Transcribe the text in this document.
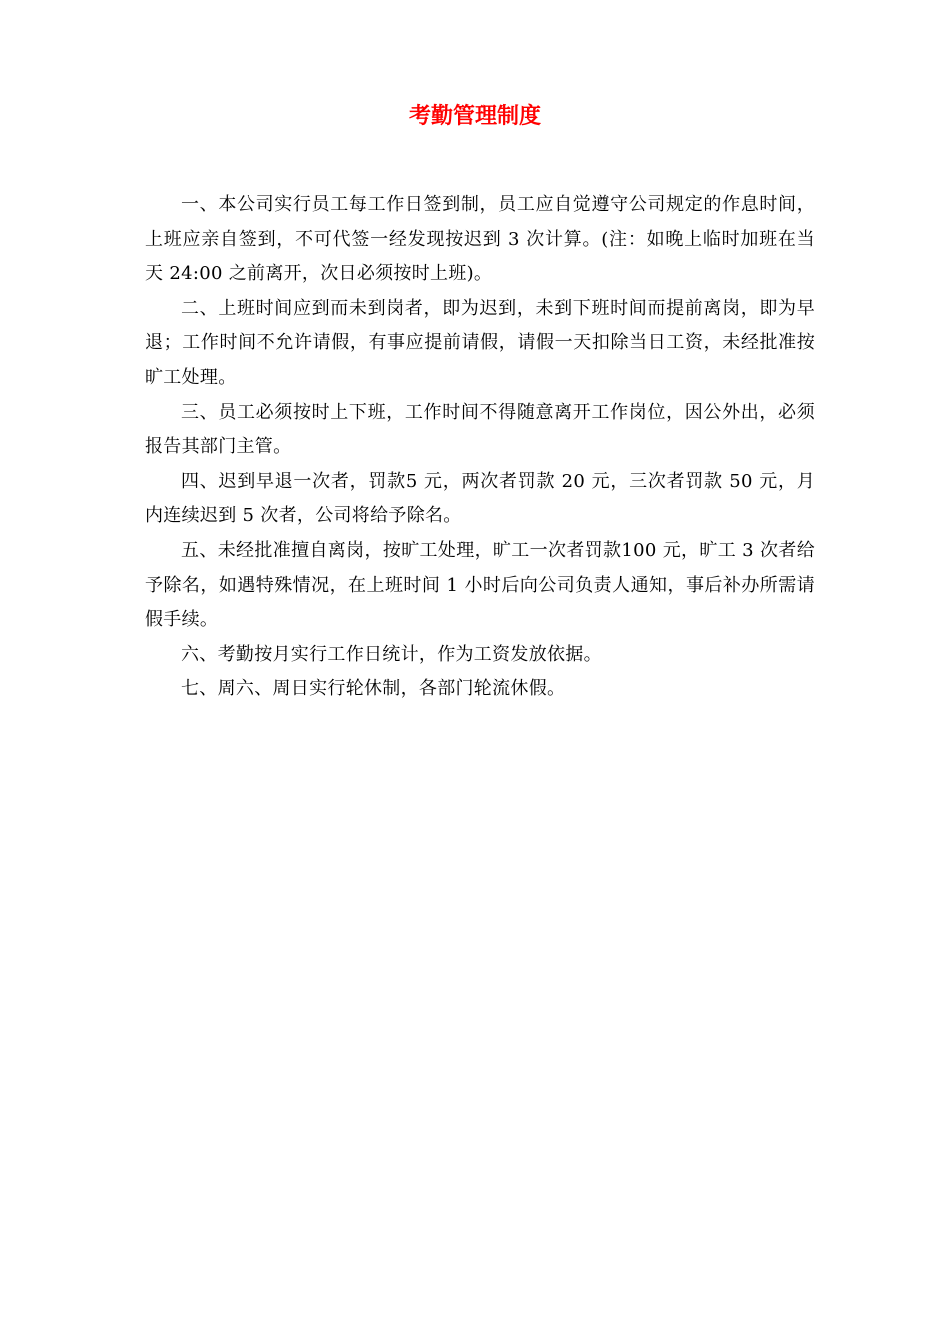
考勤管理制度

一、本公司实行员工每工作日签到制，员工应自觉遵守公司规定的作息时间，上班应亲自签到，不可代签一经发现按迟到 3 次计算。(注：如晚上临时加班在当天 24:00 之前离开，次日必须按时上班)。

二、上班时间应到而未到岗者，即为迟到，未到下班时间而提前离岗，即为早退；工作时间不允许请假，有事应提前请假，请假一天扣除当日工资，未经批准按旷工处理。

三、员工必须按时上下班，工作时间不得随意离开工作岗位，因公外出，必须报告其部门主管。

四、迟到早退一次者，罚款5 元，两次者罚款 20 元，三次者罚款 50 元，月内连续迟到 5 次者，公司将给予除名。

五、未经批准擅自离岗，按旷工处理，旷工一次者罚款100 元，旷工 3 次者给予除名，如遇特殊情况，在上班时间 1 小时后向公司负责人通知，事后补办所需请假手续。

六、考勤按月实行工作日统计，作为工资发放依据。

七、周六、周日实行轮休制，各部门轮流休假。
